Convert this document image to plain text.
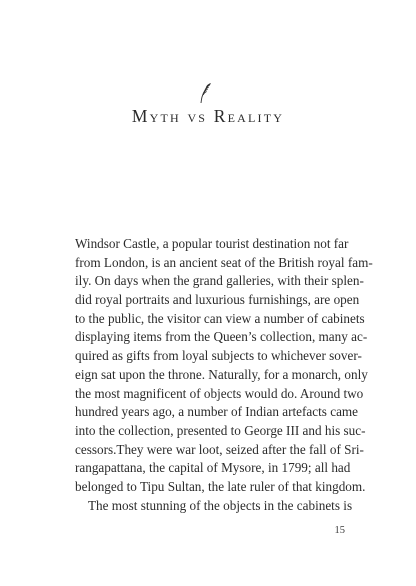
Myth vs Reality
Windsor Castle, a popular tourist destination not far
from London, is an ancient seat of the British royal fam-
ily. On days when the grand galleries, with their splen-
did royal portraits and luxurious furnishings, are open
to the public, the visitor can view a number of cabinets
displaying items from the Queen’s collection, many ac-
quired as gifts from loyal subjects to whichever sover-
eign sat upon the throne. Naturally, for a monarch, only
the most magnificent of objects would do. Around two
hundred years ago, a number of Indian artefacts came
into the collection, presented to George III and his suc-
cessors.They were war loot, seized after the fall of Sri-
rangapattana, the capital of Mysore, in 1799; all had
belonged to Tipu Sultan, the late ruler of that kingdom.
The most stunning of the objects in the cabinets is
15
